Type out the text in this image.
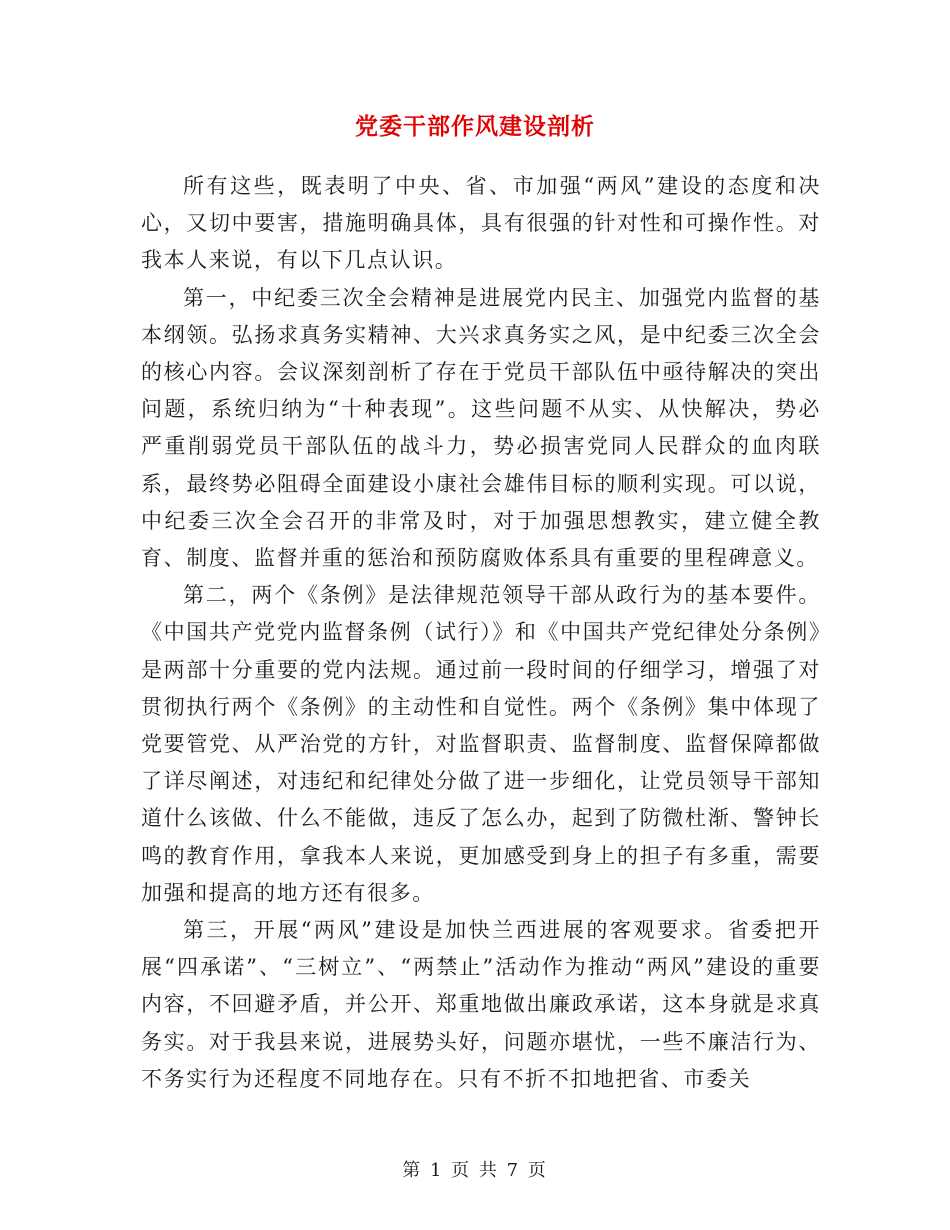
党委干部作风建设剖析

所有这些，既表明了中央、省、市加强“两风”建设的态度和决心，又切中要害，措施明确具体，具有很强的针对性和可操作性。对我本人来说，有以下几点认识。

第一，中纪委三次全会精神是进展党内民主、加强党内监督的基本纲领。弘扬求真务实精神、大兴求真务实之风，是中纪委三次全会的核心内容。会议深刻剖析了存在于党员干部队伍中亟待解决的突出问题，系统归纳为“十种表现”。这些问题不从实、从快解决，势必严重削弱党员干部队伍的战斗力，势必损害党同人民群众的血肉联系，最终势必阻碍全面建设小康社会雄伟目标的顺利实现。可以说，中纪委三次全会召开的非常及时，对于加强思想教实，建立健全教育、制度、监督并重的惩治和预防腐败体系具有重要的里程碑意义。

第二，两个《条例》是法律规范领导干部从政行为的基本要件。《中国共产党党内监督条例（试行）》和《中国共产党纪律处分条例》是两部十分重要的党内法规。通过前一段时间的仔细学习，增强了对贯彻执行两个《条例》的主动性和自觉性。两个《条例》集中体现了党要管党、从严治党的方针，对监督职责、监督制度、监督保障都做了详尽阐述，对违纪和纪律处分做了进一步细化，让党员领导干部知道什么该做、什么不能做，违反了怎么办，起到了防微杜渐、警钟长鸣的教育作用，拿我本人来说，更加感受到身上的担子有多重，需要加强和提高的地方还有很多。

第三，开展“两风”建设是加快兰西进展的客观要求。省委把开展“四承诺”、“三树立”、“两禁止”活动作为推动“两风”建设的重要内容，不回避矛盾，并公开、郑重地做出廉政承诺，这本身就是求真务实。对于我县来说，进展势头好，问题亦堪忧，一些不廉洁行为、不务实行为还程度不同地存在。只有不折不扣地把省、市委关

第 1 页 共 7 页
